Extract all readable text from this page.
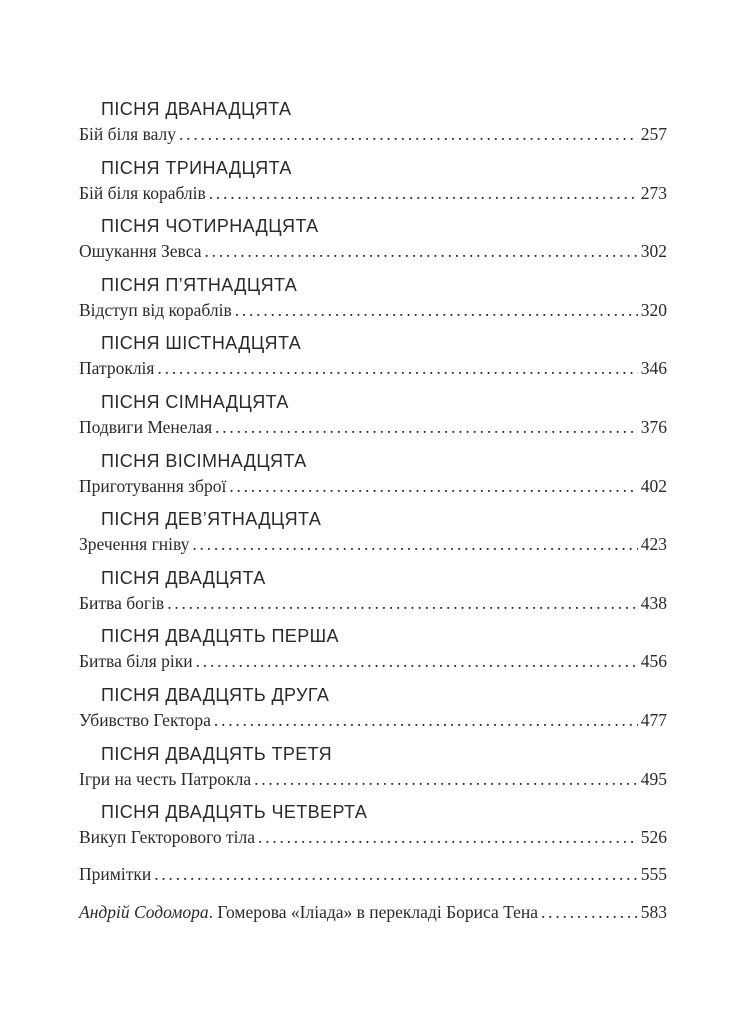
ПІСНЯ ДВАНАДЦЯТА
Бій біля валу . . .	257
ПІСНЯ ТРИНАДЦЯТА
Бій біля кораблів . . .	273
ПІСНЯ ЧОТИРНАДЦЯТА
Ошукання Зевса . . .	302
ПІСНЯ П’ЯТНАДЦЯТА
Відступ від кораблів . . .	320
ПІСНЯ ШІСТНАДЦЯТА
Патроклія . . .	346
ПІСНЯ СІМНАДЦЯТА
Подвиги Менелая . . .	376
ПІСНЯ ВІСІМНАДЦЯТА
Приготування зброї . . .	402
ПІСНЯ ДЕВ’ЯТНАДЦЯТА
Зречення гніву . . .	423
ПІСНЯ ДВАДЦЯТА
Битва богів . . .	438
ПІСНЯ ДВАДЦЯТЬ ПЕРША
Битва біля ріки . . .	456
ПІСНЯ ДВАДЦЯТЬ ДРУГА
Убивство Гектора . . .	477
ПІСНЯ ДВАДЦЯТЬ ТРЕТЯ
Ігри на честь Патрокла . . .	495
ПІСНЯ ДВАДЦЯТЬ ЧЕТВЕРТА
Викуп Гекторового тіла . . .	526
Примітки . . .	555
Андрій Содомора. Гомерова «Іліада» в перекладі Бориса Тена . . .	583
